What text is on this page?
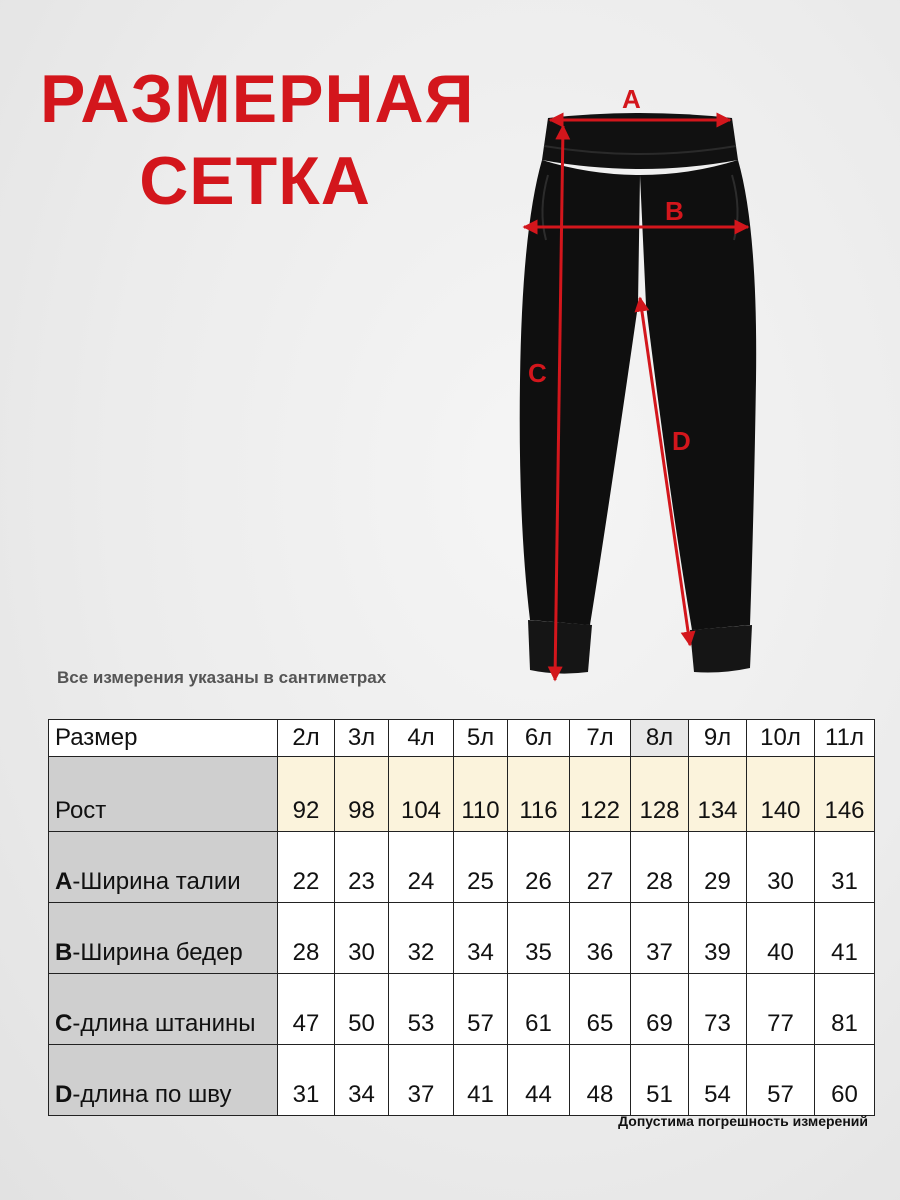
РАЗМЕРНАЯ
СЕТКА
A
B
C
D
Все измерения указаны в сантиметрах
Размер	2л	3л	4л	5л	6л	7л	8л	9л	10л	11л
Рост	92	98	104	110	116	122	128	134	140	146
A-Ширина талии	22	23	24	25	26	27	28	29	30	31
B-Ширина бедер	28	30	32	34	35	36	37	39	40	41
C-длина штанины	47	50	53	57	61	65	69	73	77	81
D-длина по шву	31	34	37	41	44	48	51	54	57	60
Допустима погрешность измерений
